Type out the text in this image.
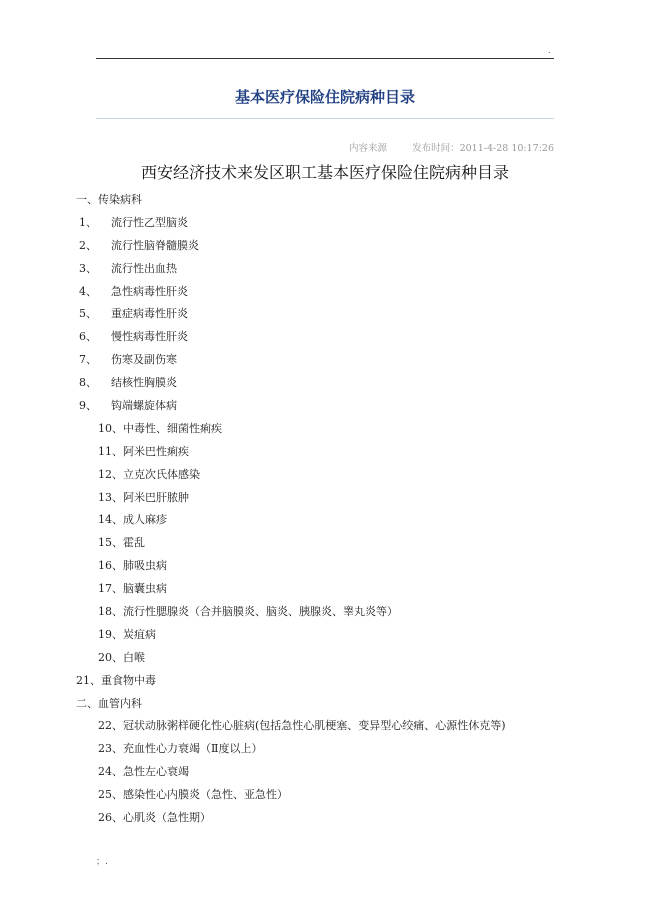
.
基本医疗保险住院病种目录
内容来源	发布时间：2011-4-28 10:17:26
西安经济技术来发区职工基本医疗保险住院病种目录
一、传染病科
1、 流行性乙型脑炎
2、 流行性脑脊髓膜炎
3、 流行性出血热
4、 急性病毒性肝炎
5、 重症病毒性肝炎
6、 慢性病毒性肝炎
7、 伤寒及副伤寒
8、 结核性胸膜炎
9、 钩端螺旋体病
10、中毒性、细菌性痢疾
11、阿米巴性痢疾
12、立克次氏体感染
13、阿米巴肝脓肿
14、成人麻疹
15、霍乱
16、肺吸虫病
17、脑囊虫病
18、流行性腮腺炎（合并脑膜炎、脑炎、胰腺炎、睾丸炎等）
19、炭疽病
20、白喉
21、重食物中毒
二、血管内科
22、冠状动脉粥样硬化性心脏病(包括急性心肌梗塞、变异型心绞痛、心源性休克等)
23、充血性心力衰竭（Ⅱ度以上）
24、急性左心衰竭
25、感染性心内膜炎（急性、亚急性）
26、心肌炎（急性期）
；.
